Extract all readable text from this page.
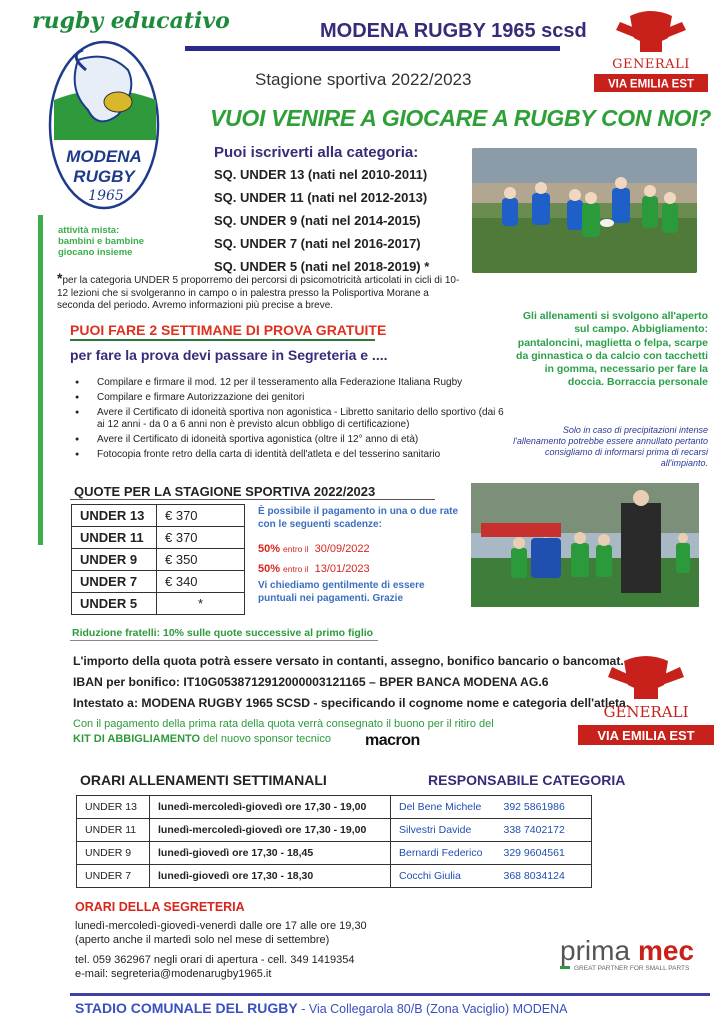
rugby educativo
MODENA
RUGBY
1965
MODENA RUGBY 1965 scsd
Stagione sportiva 2022/2023
GENERALI
VIA EMILIA EST
VUOI VENIRE A GIOCARE A RUGBY CON NOI?
Puoi iscriverti alla categoria:
SQ. UNDER 13 (nati nel 2010-2011)
SQ. UNDER 11 (nati nel 2012-2013)
SQ. UNDER 9 (nati nel 2014-2015)
SQ. UNDER 7 (nati nel 2016-2017)
SQ. UNDER 5 (nati nel 2018-2019) *
attività mista:
bambini e bambine
giocano insieme
*per la categoria UNDER 5 proporremo dei percorsi di psicomotricità articolati in cicli di 10-12 lezioni che si svolgeranno in campo o in palestra presso la Polisportiva Morane a seconda del periodo. Avremo informazioni più precise a breve.
PUOI FARE 2 SETTIMANE DI PROVA GRATUITE
per fare la prova devi passare in Segreteria e ....
● Compilare e firmare il mod. 12 per il tesseramento alla Federazione Italiana Rugby
● Compilare e firmare Autorizzazione dei genitori
● Avere il Certificato di idoneità sportiva non agonistica - Libretto sanitario dello sportivo (dai 6 ai 12 anni - da 0 a 6 anni non è previsto alcun obbligo di certificazione)
● Avere il Certificato di idoneità sportiva agonistica (oltre il 12° anno di età)
● Fotocopia fronte retro della carta di identità dell'atleta e del tesserino sanitario
Gli allenamenti si svolgono all'aperto sul campo. Abbigliamento: pantaloncini, maglietta o felpa, scarpe da ginnastica o da calcio con tacchetti in gomma, necessario per fare la doccia. Borraccia personale
Solo in caso di precipitazioni intense l'allenamento potrebbe essere annullato pertanto consigliamo di informarsi prima di recarsi all'impianto.
QUOTE PER LA STAGIONE SPORTIVA 2022/2023
UNDER 13	€ 370
UNDER 11	€ 370
UNDER 9	€ 350
UNDER 7	€ 340
UNDER 5	*
È possibile il pagamento in una o due rate con le seguenti scadenze:
50% entro il 30/09/2022
50% entro il 13/01/2023
Vi chiediamo gentilmente di essere puntuali nei pagamenti. Grazie
Riduzione fratelli: 10% sulle quote successive al primo figlio
L'importo della quota potrà essere versato in contanti, assegno, bonifico bancario o bancomat.
IBAN per bonifico: IT10G0538712912000003121165 – BPER BANCA MODENA AG.6
Intestato a: MODENA RUGBY 1965 SCSD - specificando il cognome nome e categoria dell'atleta.
GENERALI
VIA EMILIA EST
Con il pagamento della prima rata della quota verrà consegnato il buono per il ritiro del
KIT DI ABBIGLIAMENTO del nuovo sponsor tecnico	macron
ORARI ALLENAMENTI SETTIMANALI	RESPONSABILE CATEGORIA
UNDER 13	lunedì-mercoledì-giovedì ore 17,30 - 19,00	Del Bene Michele	392 5861986
UNDER 11	lunedì-mercoledì-giovedì ore 17,30 - 19,00	Silvestri Davide	338 7402172
UNDER 9	lunedì-giovedì ore 17,30 - 18,45	Bernardi Federico	329 9604561
UNDER 7	lunedì-giovedì ore 17,30 - 18,30	Cocchi Giulia	368 8034124
ORARI DELLA SEGRETERIA
lunedì-mercoledì-giovedì-venerdì dalle ore 17 alle ore 19,30
(aperto anche il martedì solo nel mese di settembre)
tel. 059 362967 negli orari di apertura - cell. 349 1419354
e-mail: segreteria@modenarugby1965.it
prima mec
GREAT PARTNER FOR SMALL PARTS
STADIO COMUNALE DEL RUGBY - Via Collegarola 80/B (Zona Vaciglio) MODENA
